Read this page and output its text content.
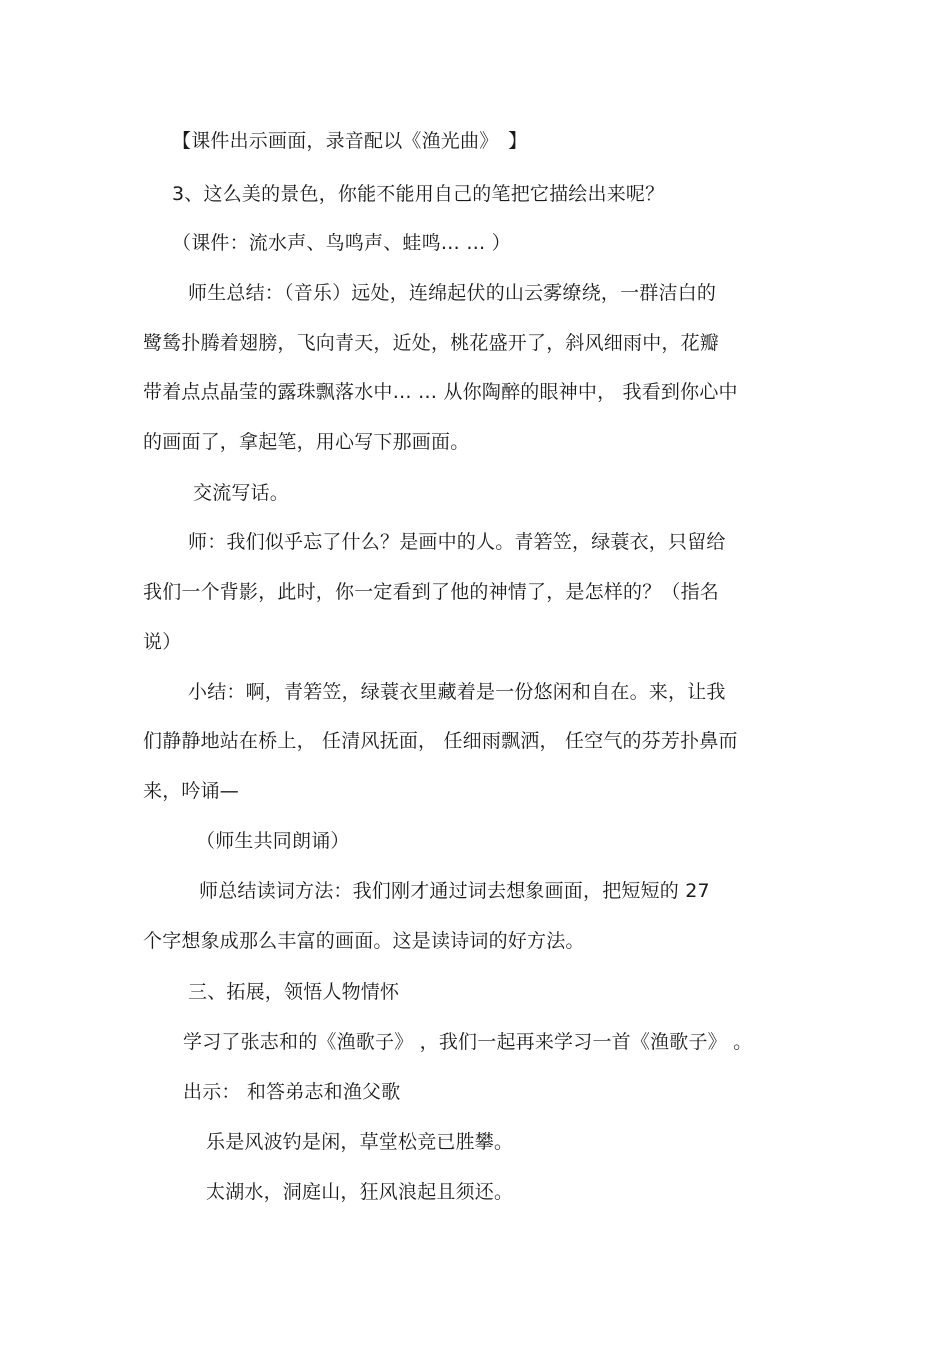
【课件出示画面，录音配以《渔光曲》　】
3、这么美的景色，你能不能用自己的笔把它描绘出来呢？
（课件：流水声、鸟鸣声、蛙鸣… … ）
师生总结：（音乐）远处，连绵起伏的山云雾缭绕，一群洁白的
鹭鸶扑腾着翅膀，飞向青天，近处，桃花盛开了，斜风细雨中，花瓣
带着点点晶莹的露珠飘落水中… … 从你陶醉的眼神中， 我看到你心中
的画面了，拿起笔，用心写下那画面。
交流写话。
师：我们似乎忘了什么？是画中的人。青箬笠，绿蓑衣，只留给
我们一个背影，此时，你一定看到了他的神情了，是怎样的？（指名
说）
小结：啊，青箬笠，绿蓑衣里藏着是一份悠闲和自在。来，让我
们静静地站在桥上， 任清风抚面， 任细雨飘洒， 任空气的芬芳扑鼻而
来，吟诵—
（师生共同朗诵）
师总结读词方法：我们刚才通过词去想象画面，把短短的 27
个字想象成那么丰富的画面。这是读诗词的好方法。
三、拓展，领悟人物情怀
学习了张志和的《渔歌子》 ，我们一起再来学习一首《渔歌子》 。
出示： 和答弟志和渔父歌
乐是风波钓是闲，草堂松竞已胜攀。
太湖水，洞庭山，狂风浪起且须还。
